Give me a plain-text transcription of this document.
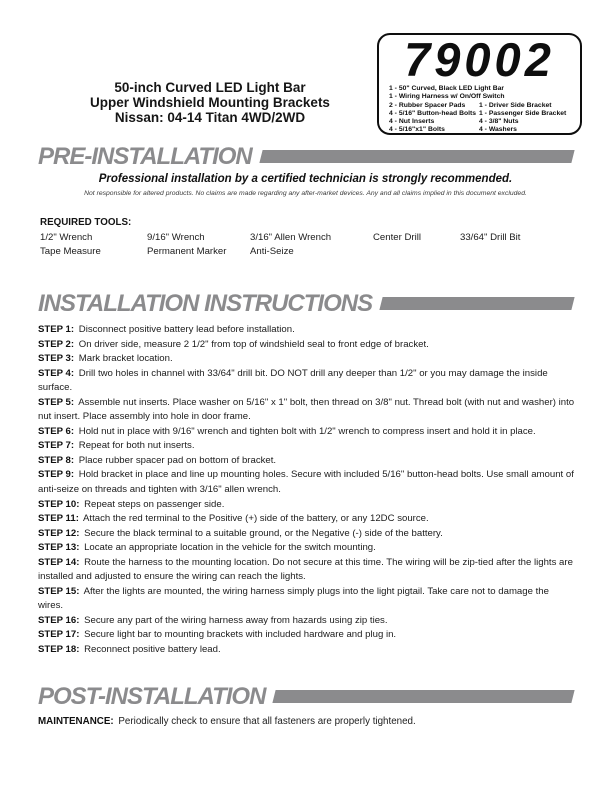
79002
1 - 50" Curved, Black LED Light Bar
1 - Wiring Harness w/ On/Off Switch
2 - Rubber Spacer Pads	1 - Driver Side Bracket
4 - 5/16" Button-head Bolts 1 - Passenger Side Bracket
4 - Nut Inserts	4 - 3/8" Nuts
4 - 5/16"x1" Bolts	4 - Washers
50-inch Curved LED Light Bar
Upper Windshield Mounting Brackets
Nissan: 04-14 Titan 4WD/2WD
PRE-INSTALLATION
Professional installation by a certified technician is strongly recommended.
Not responsible for altered products. No claims are made regarding any after-market devices. Any and all claims implied in this document excluded.
REQUIRED TOOLS:
1/2" Wrench	9/16" Wrench	3/16" Allen Wrench	Center Drill	33/64" Drill Bit
Tape Measure	Permanent Marker	Anti-Seize
INSTALLATION INSTRUCTIONS

STEP 1: Disconnect positive battery lead before installation.

STEP 2: On driver side, measure 2 1/2" from top of windshield seal to front edge of bracket.

STEP 3: Mark bracket location.

STEP 4: Drill two holes in channel with 33/64" drill bit. DO NOT drill any deeper than 1/2" or you may damage the inside surface.

STEP 5: Assemble nut inserts. Place washer on 5/16" x 1" bolt, then thread on 3/8" nut. Thread bolt (with nut and washer) into nut insert. Place assembly into hole in door frame.

STEP 6: Hold nut in place with 9/16" wrench and tighten bolt with 1/2" wrench to compress insert and hold it in place.

STEP 7: Repeat for both nut inserts.

STEP 8: Place rubber spacer pad on bottom of bracket.

STEP 9: Hold bracket in place and line up mounting holes. Secure with included 5/16" button-head bolts. Use small amount of anti-seize on threads and tighten with 3/16" allen wrench.

STEP 10: Repeat steps on passenger side.

STEP 11: Attach the red terminal to the Positive (+) side of the battery, or any 12DC source.

STEP 12: Secure the black terminal to a suitable ground, or the Negative (-) side of the battery.

STEP 13: Locate an appropriate location in the vehicle for the switch mounting.

STEP 14: Route the harness to the mounting location. Do not secure at this time. The wiring will be zip-tied after the lights are installed and adjusted to ensure the wiring can reach the lights.

STEP 15: After the lights are mounted, the wiring harness simply plugs into the light pigtail. Take care not to damage the wires.

STEP 16: Secure any part of the wiring harness away from hazards using zip ties.

STEP 17: Secure light bar to mounting brackets with included hardware and plug in.

STEP 18: Reconnect positive battery lead.

POST-INSTALLATION

MAINTENANCE: Periodically check to ensure that all fasteners are properly tightened.
